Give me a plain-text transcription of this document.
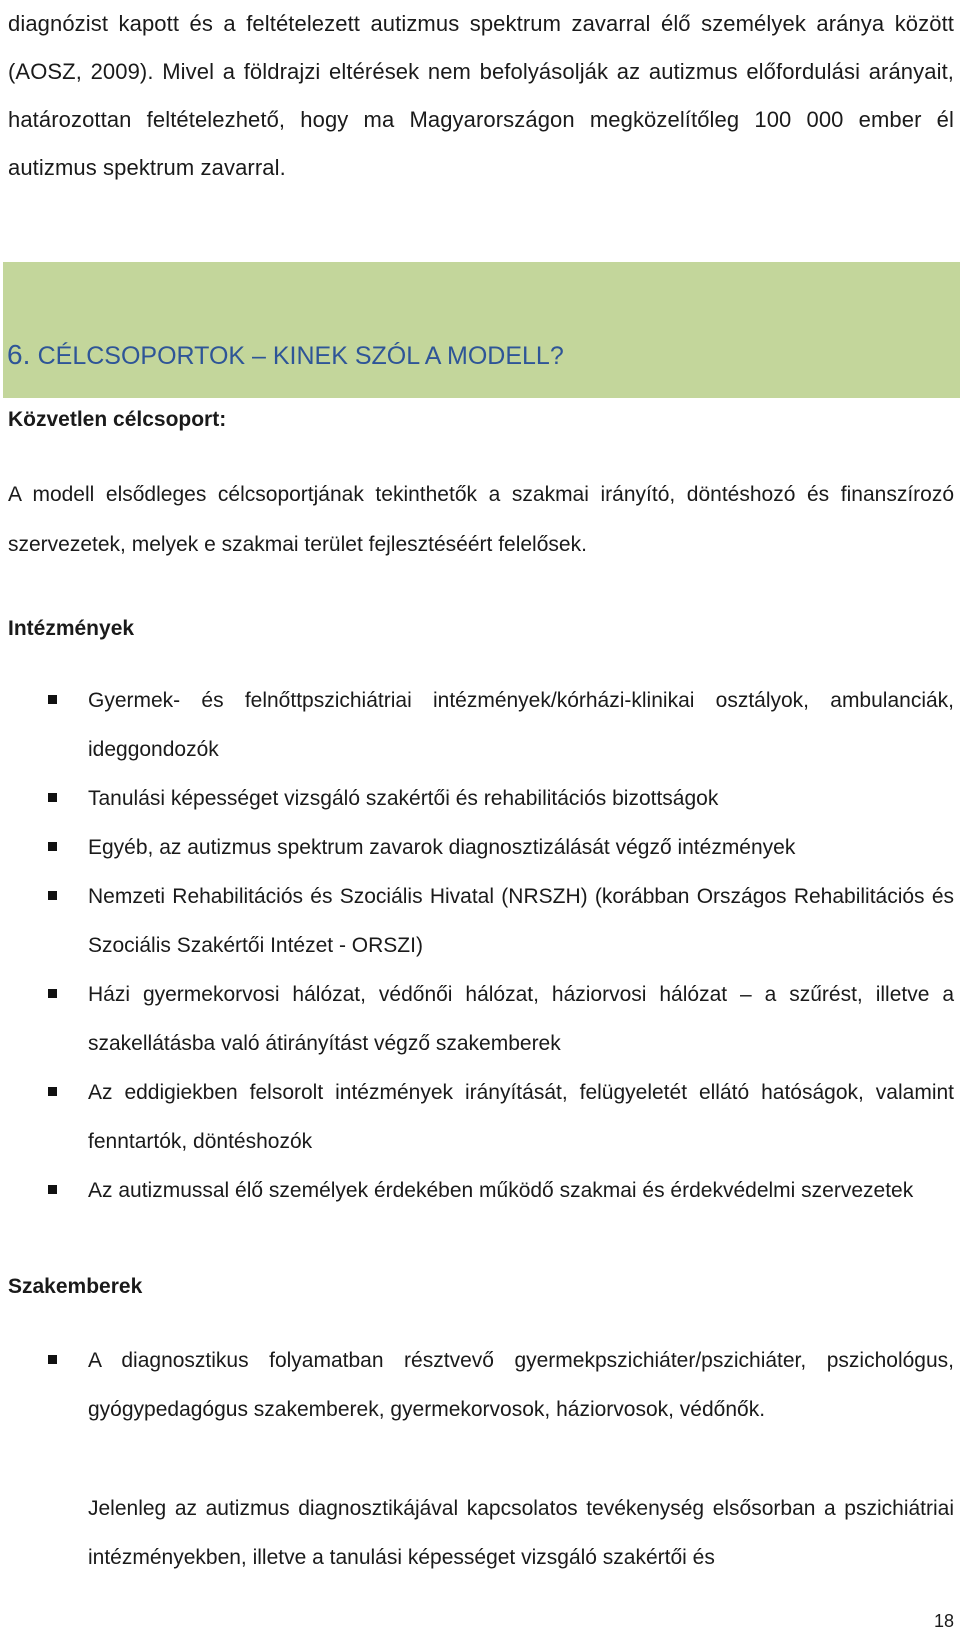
diagnózist kapott és a feltételezett autizmus spektrum zavarral élő személyek aránya között (AOSZ, 2009). Mivel a földrajzi eltérések nem befolyásolják az autizmus előfordulási arányait, határozottan feltételezhető, hogy ma Magyarországon megközelítőleg 100 000 ember él autizmus spektrum zavarral.

6. CÉLCSOPORTOK – KINEK SZÓL A MODELL?
Közvetlen célcsoport:
A modell elsődleges célcsoportjának tekinthetők a szakmai irányító, döntéshozó és finanszírozó szervezetek, melyek e szakmai terület fejlesztéséért felelősek.
Intézmények
Gyermek- és felnőttpszichiátriai intézmények/kórházi-klinikai osztályok, ambulanciák, ideggondozók
Tanulási képességet vizsgáló szakértői és rehabilitációs bizottságok
Egyéb, az autizmus spektrum zavarok diagnosztizálását végző intézmények
Nemzeti Rehabilitációs és Szociális Hivatal (NRSZH) (korábban Országos Rehabilitációs és Szociális Szakértői Intézet - ORSZI)
Házi gyermekorvosi hálózat, védőnői hálózat, háziorvosi hálózat – a szűrést, illetve a szakellátásba való átirányítást végző szakemberek
Az eddigiekben felsorolt intézmények irányítását, felügyeletét ellátó hatóságok, valamint fenntartók, döntéshozók
Az autizmussal élő személyek érdekében működő szakmai és érdekvédelmi szervezetek
Szakemberek
A diagnosztikus folyamatban résztvevő gyermekpszichiáter/pszichiáter, pszichológus, gyógypedagógus szakemberek, gyermekorvosok, háziorvosok, védőnők.

Jelenleg az autizmus diagnosztikájával kapcsolatos tevékenység elsősorban a pszichiátriai intézményekben, illetve a tanulási képességet vizsgáló szakértői és

18
